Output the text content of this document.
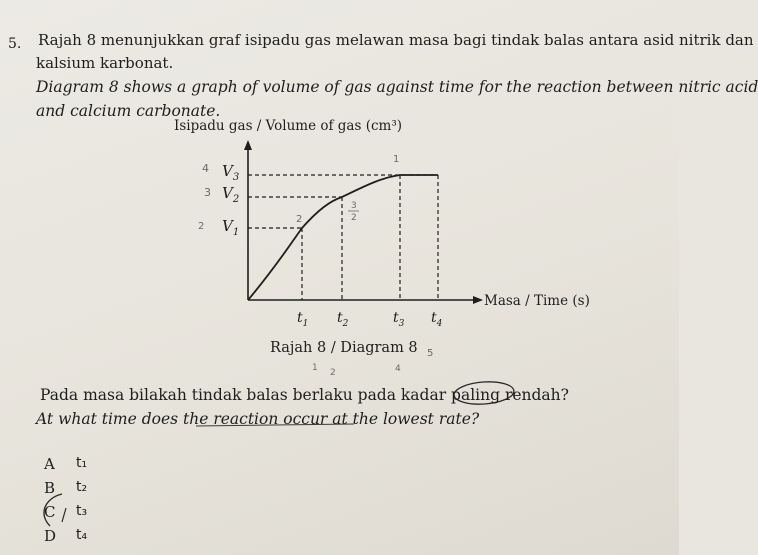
5. Rajah 8 menunjukkan graf isipadu gas melawan masa bagi tindak balas antara asid nitrik dan
kalsium karbonat.
Diagram 8 shows a graph of volume of gas against time for the reaction between nitric acid
and calcium carbonate.
Isipadu gas / Volume of gas (cm³)
Masa / Time (s)
$V_3$
$V_2$
$V_1$
$t_1$ $t_2$	$t_3$ $t_4$
4
3
2
2
1
3
2
Rajah 8 / Diagram 8
1 2	4
5
Pada masa bilakah tindak balas berlaku pada kadar paling rendah?
At what time does the reaction occur at the lowest rate?
A t₁
B t₂
C t₃
D t₄
